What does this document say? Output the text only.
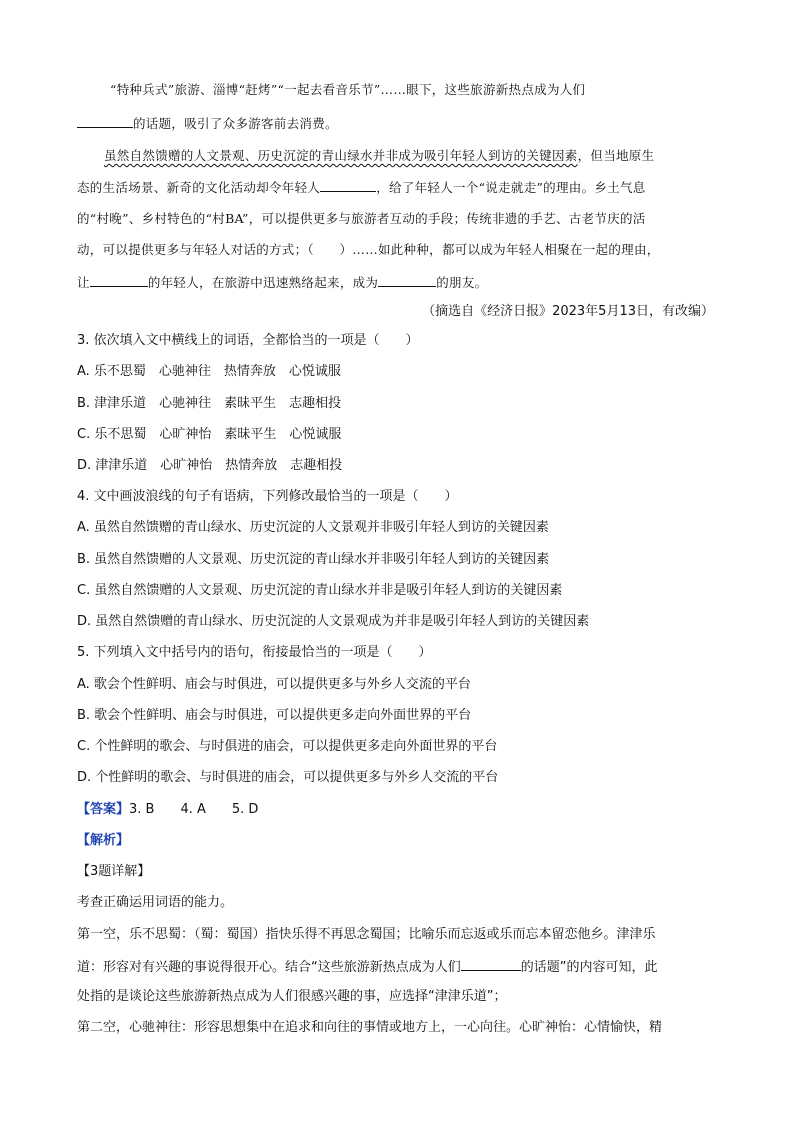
“特种兵式”旅游、淄博“赶烤”“一起去看音乐节”……眼下，这些旅游新热点成为人们
的话题，吸引了众多游客前去消费。
虽然自然馈赠的人文景观、历史沉淀的青山绿水并非成为吸引年轻人到访的关键因素，但当地原生
态的生活场景、新奇的文化活动却令年轻人	，给了年轻人一个“说走就走”的理由。乡土气息
的“村晚”、乡村特色的“村BA”，可以提供更多与旅游者互动的手段；传统非遗的手艺、古老节庆的活
动，可以提供更多与年轻人对话的方式；（　　）……如此种种，都可以成为年轻人相聚在一起的理由，
让	的年轻人，在旅游中迅速熟络起来，成为	的朋友。
（摘选自《经济日报》2023年5月13日，有改编）
3. 依次填入文中横线上的词语，全都恰当的一项是（　　）
A. 乐不思蜀　心驰神往　热情奔放　心悦诚服
B. 津津乐道　心驰神往　素昧平生　志趣相投
C. 乐不思蜀　心旷神怡　素昧平生　心悦诚服
D. 津津乐道　心旷神怡　热情奔放　志趣相投
4. 文中画波浪线的句子有语病，下列修改最恰当的一项是（　　）
A. 虽然自然馈赠的青山绿水、历史沉淀的人文景观并非吸引年轻人到访的关键因素
B. 虽然自然馈赠的人文景观、历史沉淀的青山绿水并非吸引年轻人到访的关键因素
C. 虽然自然馈赠的人文景观、历史沉淀的青山绿水并非是吸引年轻人到访的关键因素
D. 虽然自然馈赠的青山绿水、历史沉淀的人文景观成为并非是吸引年轻人到访的关键因素
5. 下列填入文中括号内的语句，衔接最恰当的一项是（　　）
A. 歌会个性鲜明、庙会与时俱进，可以提供更多与外乡人交流的平台
B. 歌会个性鲜明、庙会与时俱进，可以提供更多走向外面世界的平台
C. 个性鲜明的歌会、与时俱进的庙会，可以提供更多走向外面世界的平台
D. 个性鲜明的歌会、与时俱进的庙会，可以提供更多与外乡人交流的平台
【答案】3. B　　4. A　　5. D
【解析】
【3题详解】
考查正确运用词语的能力。
第一空，乐不思蜀：（蜀：蜀国）指快乐得不再思念蜀国；比喻乐而忘返或乐而忘本留恋他乡。津津乐
道：形容对有兴趣的事说得很开心。结合“这些旅游新热点成为人们	的话题”的内容可知，此
处指的是谈论这些旅游新热点成为人们很感兴趣的事，应选择“津津乐道”；
第二空，心驰神往：形容思想集中在追求和向往的事情或地方上，一心向往。心旷神怡：心情愉快，精
